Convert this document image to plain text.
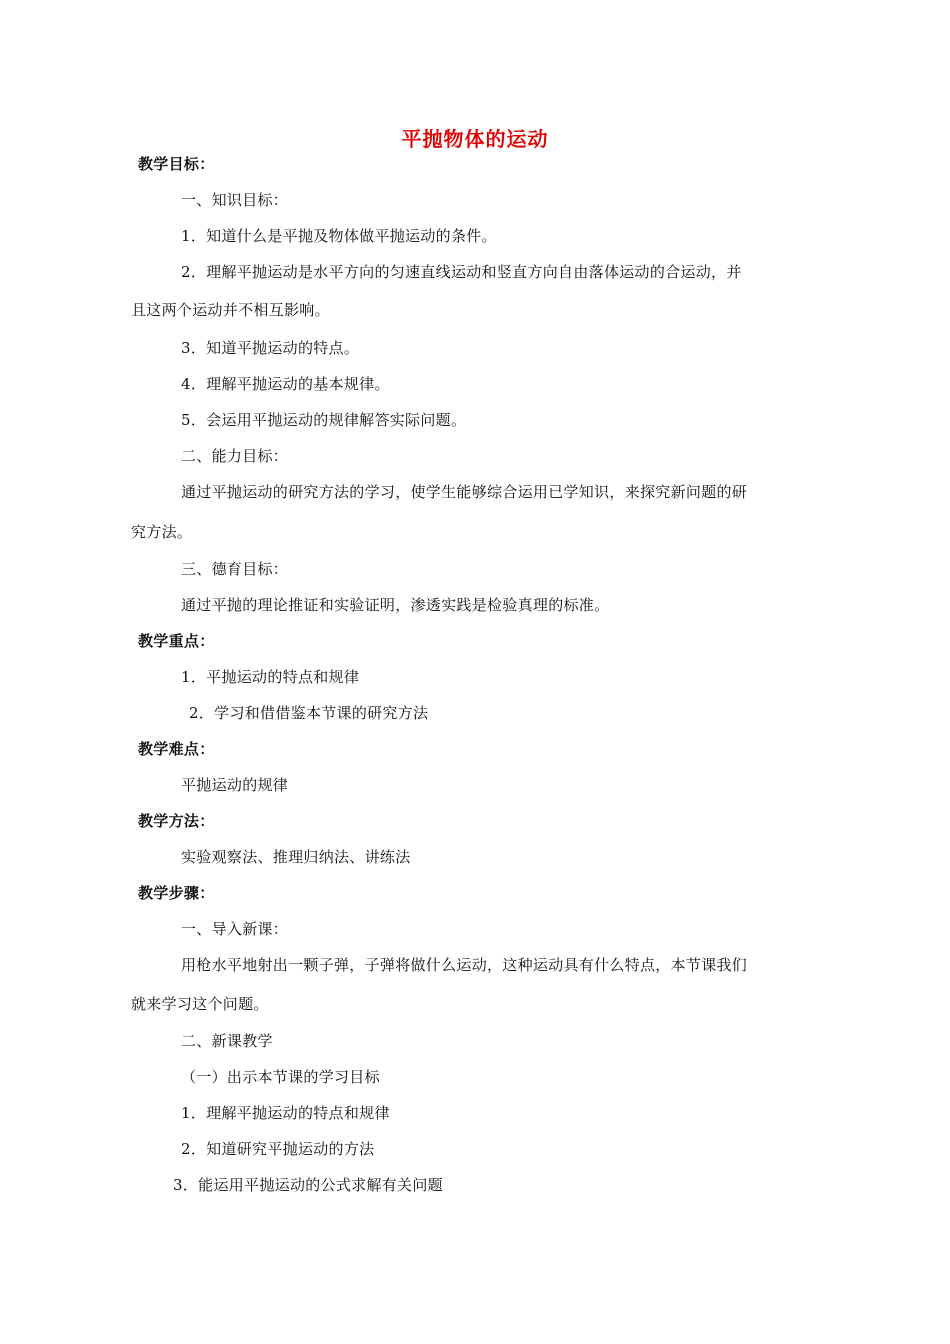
平抛物体的运动
教学目标：
一、知识目标：
1．知道什么是平抛及物体做平抛运动的条件。
2．理解平抛运动是水平方向的匀速直线运动和竖直方向自由落体运动的合运动，并
且这两个运动并不相互影响。
3．知道平抛运动的特点。
4．理解平抛运动的基本规律。
5．会运用平抛运动的规律解答实际问题。
二、能力目标：
通过平抛运动的研究方法的学习，使学生能够综合运用已学知识，来探究新问题的研
究方法。
三、德育目标：
通过平抛的理论推证和实验证明，渗透实践是检验真理的标准。
教学重点：
1．平抛运动的特点和规律
2．学习和借借鉴本节课的研究方法
教学难点：
平抛运动的规律
教学方法：
实验观察法、推理归纳法、讲练法
教学步骤：
一、导入新课：
用枪水平地射出一颗子弹，子弹将做什么运动，这种运动具有什么特点，本节课我们
就来学习这个问题。
二、新课教学
（一）出示本节课的学习目标
1．理解平抛运动的特点和规律
2．知道研究平抛运动的方法
3．能运用平抛运动的公式求解有关问题
